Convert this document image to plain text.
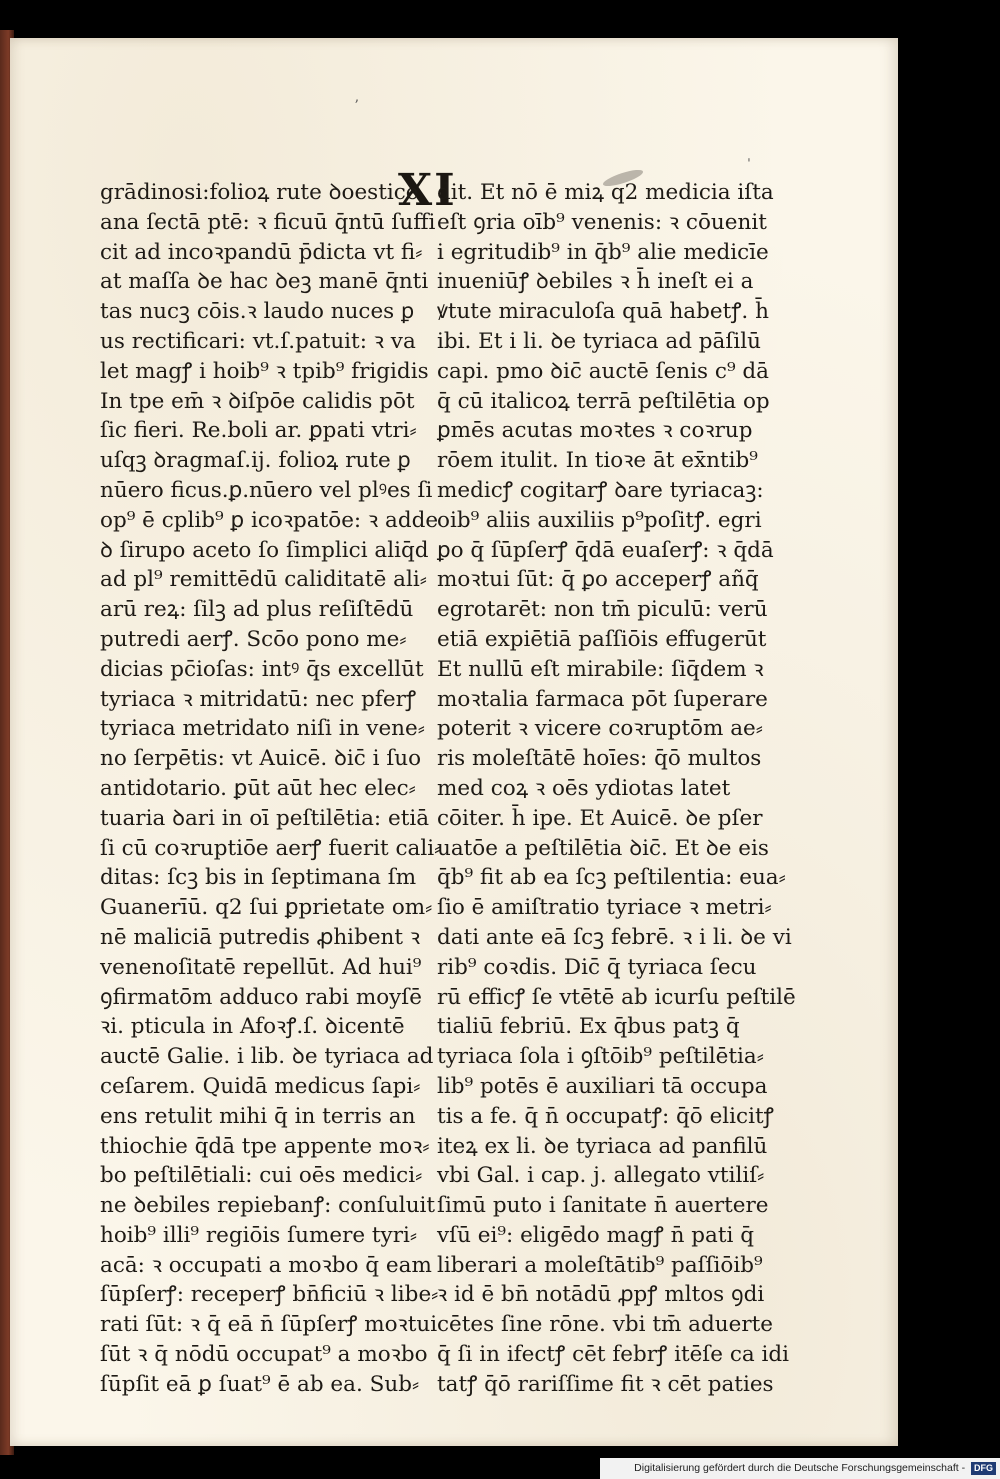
ʼ
ˌ
XI
grādinosi:folioꝝ rute ꝺoestice
ana ſectā ptē: ꝛ ficuū q̄ntū ſuffi
cit ad incoꝛpandū p̄dicta vt fi⸗
at maſſa ꝺe hac ꝺeꝫ manē q̄nti
tas nucꝫ cōis.ꝛ laudo nuces ꝑ
us rectificari: vt.ſ.patuit: ꝛ va
let magꝭ i hoib⁹ ꝛ tpib⁹ frigidis
In tpe em̄ ꝛ ꝺiſpōe calidis pōt
ſic fieri. Re.boli ar. ꝑpati vtri⸗
uſqꝫ ꝺragmaſ.ij. folioꝝ rute ꝑ
nūero ficus.ꝑ.nūero vel plꝰes ſi
op⁹ ē cplib⁹ ꝑ icoꝛpatōe: ꝛ adde
ꝺ ſirupo aceto ſo ſimplici aliq̄d
ad pl⁹ remittēdū caliditatē ali⸗
arū reꝝ: ſilꝫ ad plus reſiſtēdū
putredi aerꝭ. Scōo pono me⸗
dicias pc̄ioſas: intꝰ q̄s excellūt
tyriaca ꝛ mitridatū: nec pferꝭ
tyriaca metridato niſi in vene⸗
no ſerpētis: vt Auicē. ꝺic̄ i ſuo
antidotario. ꝑūt aūt hec elec⸗
tuaria ꝺari in oī peſtilētia: etiā
ſi cū coꝛruptiōe aerꝭ fuerit cali⸗
ditas: ſcꝫ bis in ſeptimana ſm
Guanerīū. q2 ſui ꝑprietate om⸗
nē maliciā putredis ꝓhibent ꝛ
venenoſitatē repellūt. Ad hui⁹
ꝯfirmatōm adduco rabi moyſē
ꝛi. pticula in Afoꝛꝭ.ſ. ꝺicentē
auctē Galie. i lib. ꝺe tyriaca ad
ceſarem. Quidā medicus ſapi⸗
ens retulit mihi q̄ in terris an
thiochie q̄dā tpe appente moꝛ⸗
bo peſtilētiali: cui oēs medici⸗
ne ꝺebiles repiebanꝭ: conſuluit
hoib⁹ illi⁹ regiōis ſumere tyri⸗
acā: ꝛ occupati a moꝛbo q̄ eam
ſūpſerꝭ: receperꝭ bn̄ficiū ꝛ libe⸗
rati ſūt: ꝛ q̄ eā n̄ ſūpſerꝭ moꝛtui
ſūt ꝛ q̄ nōdū occupat⁹ a moꝛbo
ſūpſit eā ꝑ ſuat⁹ ē ab ea. Sub⸗
dit. Et nō ē miꝝ q2 medicia iſta
eſt ꝯria oīb⁹ venenis: ꝛ cōuenit
i egritudib⁹ in q̄b⁹ alie medicīe
inueniūꝭ ꝺebiles ꝛ h̄ ineſt ei a
ꝟtute miraculoſa quā habetꝭ. h̄
ibi. Et i li. ꝺe tyriaca ad pāſilū
capi. pmo ꝺic̄ auctē ſenis c⁹ dā
q̄ cū italicoꝝ terrā peſtilētia op
ꝑmēs acutas moꝛtes ꝛ coꝛrup
rōem itulit. In tioꝛe āt ex̄ntib⁹
medicꝭ cogitarꝭ ꝺare tyriacaꝫ:
oib⁹ aliis auxiliis p⁹poſitꝭ. egri
ꝑo q̄ ſūpſerꝭ q̄dā euaſerꝭ: ꝛ q̄dā
moꝛtui ſūt: q̄ ꝑo acceperꝭ añq̄
egrotarēt: non tm̄ piculū: verū
etiā expiētiā paſſiōis effugerūt
Et nullū eſt mirabile: ſiq̄dem ꝛ
moꝛtalia farmaca pōt ſuperare
poterit ꝛ vicere coꝛruptōm ae⸗
ris moleſtātē hoīes: q̄ō multos
med coꝝ ꝛ oēs ydiotas latet
cōiter. h̄ ipe. Et Auicē. ꝺe pſer
uatōe a peſtilētia ꝺic̄. Et ꝺe eis
q̄b⁹ fit ab ea ſcꝫ peſtilentia: eua⸗
ſio ē amiſtratio tyriace ꝛ metri⸗
dati ante eā ſcꝫ febrē. ꝛ i li. ꝺe vi
rib⁹ coꝛdis. Dic̄ q̄ tyriaca ſecu
rū efficꝭ ſe vtētē ab icurſu peſtilē
tialiū febriū. Ex q̄bus patꝫ q̄
tyriaca ſola i ꝯſtōib⁹ peſtilētia⸗
lib⁹ potēs ē auxiliari tā occupa
tis a fe. q̄ n̄ occupatꝭ: q̄ō elicitꝭ
iteꝝ ex li. ꝺe tyriaca ad panfilū
vbi Gal. i cap. j. allegato vtiliſ⸗
ſimū puto i ſanitate n̄ auertere
vſū ei⁹: eligēdo magꝭ n̄ pati q̄
liberari a moleſtātib⁹ paſſiōib⁹
ꝛ id ē bn̄ notādū ꝓpꝭ mltos ꝯdi
cētes ſine rōne. vbi tm̄ aduerte
q̄ ſi in ifectꝭ cēt febrꝭ itēſe ca idi
tatꝭ q̄ō rariſſime fit ꝛ cēt paties
Digitalisierung gefördert durch die Deutsche Forschungsgemeinschaft - DFG
